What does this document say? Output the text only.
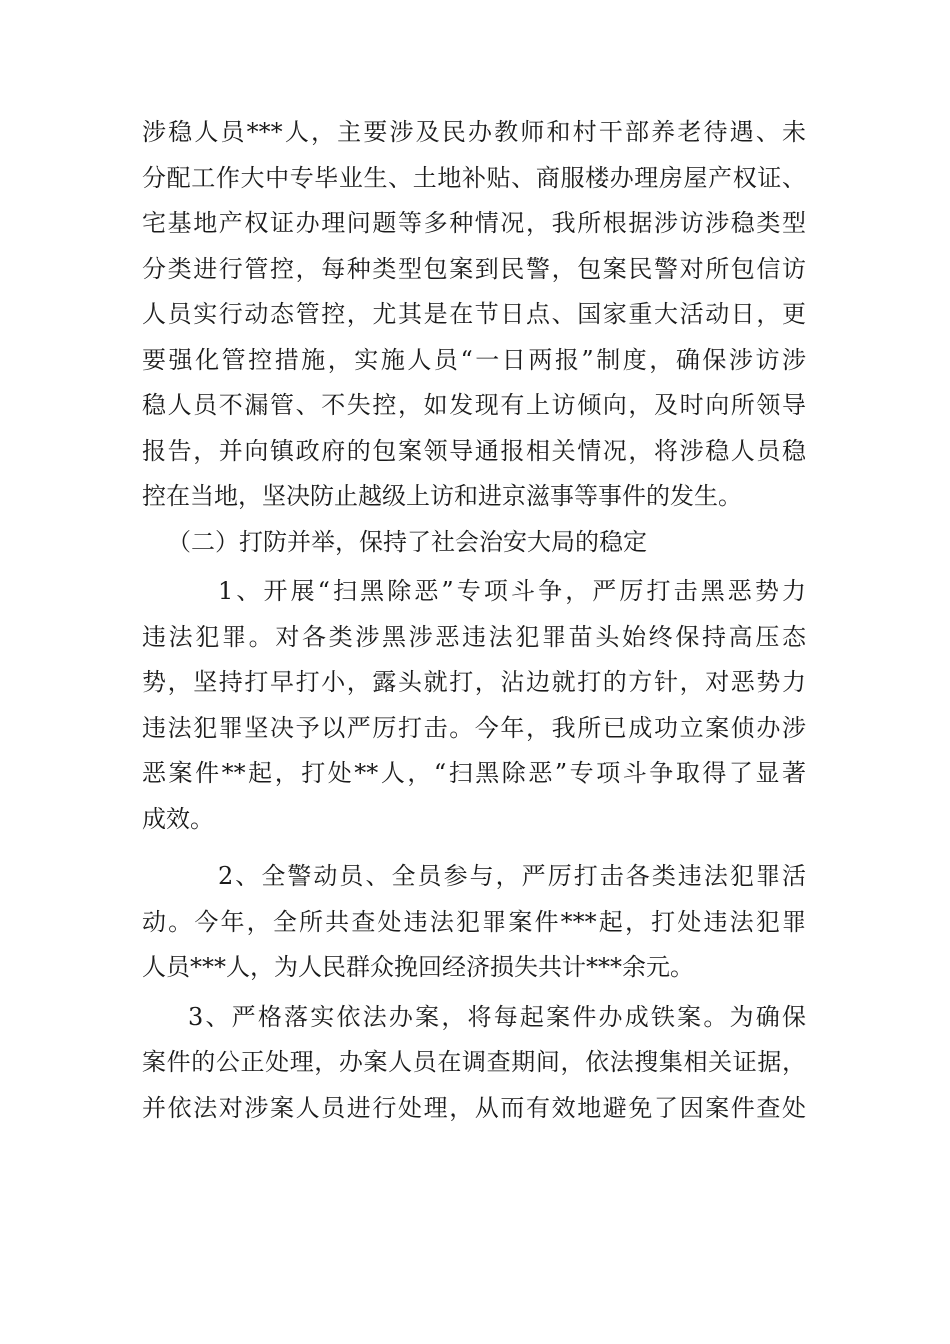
涉稳人员***人，主要涉及民办教师和村干部养老待遇、未
分配工作大中专毕业生、土地补贴、商服楼办理房屋产权证、
宅基地产权证办理问题等多种情况，我所根据涉访涉稳类型
分类进行管控，每种类型包案到民警，包案民警对所包信访
人员实行动态管控，尤其是在节日点、国家重大活动日，更
要强化管控措施，实施人员“一日两报”制度，确保涉访涉
稳人员不漏管、不失控，如发现有上访倾向，及时向所领导
报告，并向镇政府的包案领导通报相关情况，将涉稳人员稳
控在当地，坚决防止越级上访和进京滋事等事件的发生。
（二）打防并举，保持了社会治安大局的稳定
1、开展“扫黑除恶”专项斗争，严厉打击黑恶势力
违法犯罪。对各类涉黑涉恶违法犯罪苗头始终保持高压态
势，坚持打早打小，露头就打，沾边就打的方针，对恶势力
违法犯罪坚决予以严厉打击。今年，我所已成功立案侦办涉
恶案件**起，打处**人，“扫黑除恶”专项斗争取得了显著
成效。
2、全警动员、全员参与，严厉打击各类违法犯罪活
动。今年，全所共查处违法犯罪案件***起，打处违法犯罪
人员***人，为人民群众挽回经济损失共计***余元。
3、严格落实依法办案，将每起案件办成铁案。为确保
案件的公正处理，办案人员在调查期间，依法搜集相关证据，
并依法对涉案人员进行处理，从而有效地避免了因案件查处
